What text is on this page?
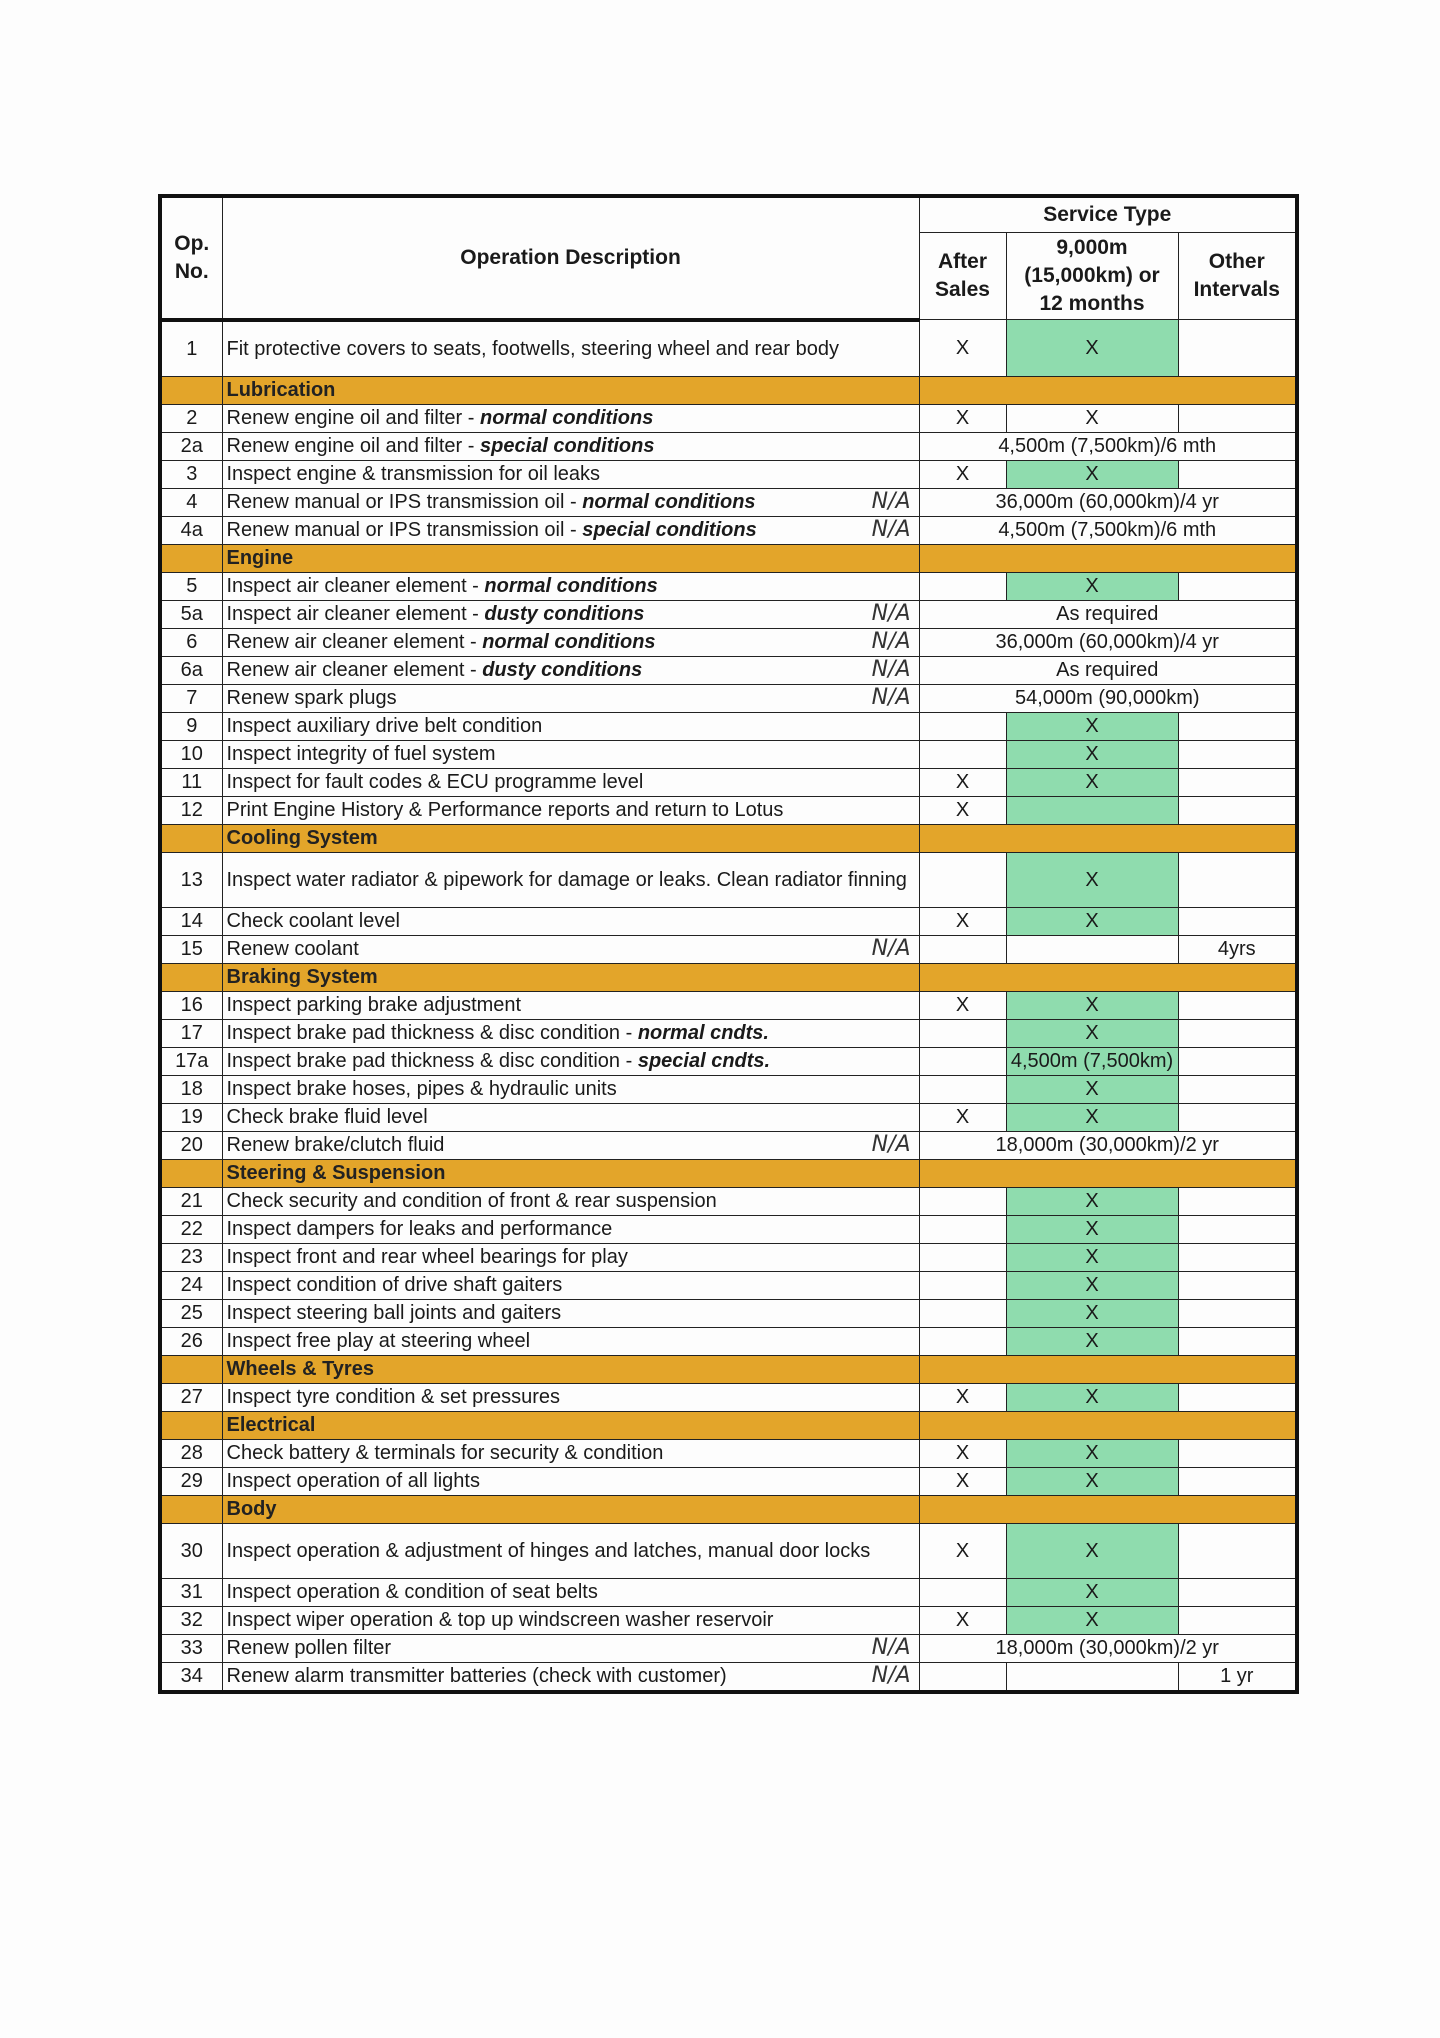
Op. No.	Operation Description	Service Type		
		After Sales	9,000m (15,000km) or 12 months	Other Intervals
1	Fit protective covers to seats, footwells, steering wheel and rear body	X	X	
	Lubrication			
2	Renew engine oil and filter - normal conditions	X	X	
2a	Renew engine oil and filter - special conditions	4,500m (7,500km)/6 mth		
3	Inspect engine & transmission for oil leaks	X	X	
4	Renew manual or IPS transmission oil - normal conditions N/A	36,000m (60,000km)/4 yr		
4a	Renew manual or IPS transmission oil - special conditions N/A	4,500m (7,500km)/6 mth		
	Engine			
5	Inspect air cleaner element - normal conditions		X	
5a	Inspect air cleaner element - dusty conditions N/A	As required		
6	Renew air cleaner element - normal conditions N/A	36,000m (60,000km)/4 yr		
6a	Renew air cleaner element - dusty conditions N/A	As required		
7	Renew spark plugs N/A	54,000m (90,000km)		
9	Inspect auxiliary drive belt condition		X	
10	Inspect integrity of fuel system		X	
11	Inspect for fault codes & ECU programme level	X	X	
12	Print Engine History & Performance reports and return to Lotus	X		
	Cooling System			
13	Inspect water radiator & pipework for damage or leaks. Clean radiator finning		X	
14	Check coolant level	X	X	
15	Renew coolant N/A			4yrs
	Braking System			
16	Inspect parking brake adjustment	X	X	
17	Inspect brake pad thickness & disc condition - normal cndts.		X	
17a	Inspect brake pad thickness & disc condition - special cndts.		4,500m (7,500km)	
18	Inspect brake hoses, pipes & hydraulic units		X	
19	Check brake fluid level	X	X	
20	Renew brake/clutch fluid N/A	18,000m (30,000km)/2 yr		
	Steering & Suspension			
21	Check security and condition of front & rear suspension		X	
22	Inspect dampers for leaks and performance		X	
23	Inspect front and rear wheel bearings for play		X	
24	Inspect condition of drive shaft gaiters		X	
25	Inspect steering ball joints and gaiters		X	
26	Inspect free play at steering wheel		X	
	Wheels & Tyres			
27	Inspect tyre condition & set pressures	X	X	
	Electrical			
28	Check battery & terminals for security & condition	X	X	
29	Inspect operation of all lights	X	X	
	Body			
30	Inspect operation & adjustment of hinges and latches, manual door locks	X	X	
31	Inspect operation & condition of seat belts		X	
32	Inspect wiper operation & top up windscreen washer reservoir	X	X	
33	Renew pollen filter N/A	18,000m (30,000km)/2 yr		
34	Renew alarm transmitter batteries (check with customer) N/A			1 yr
